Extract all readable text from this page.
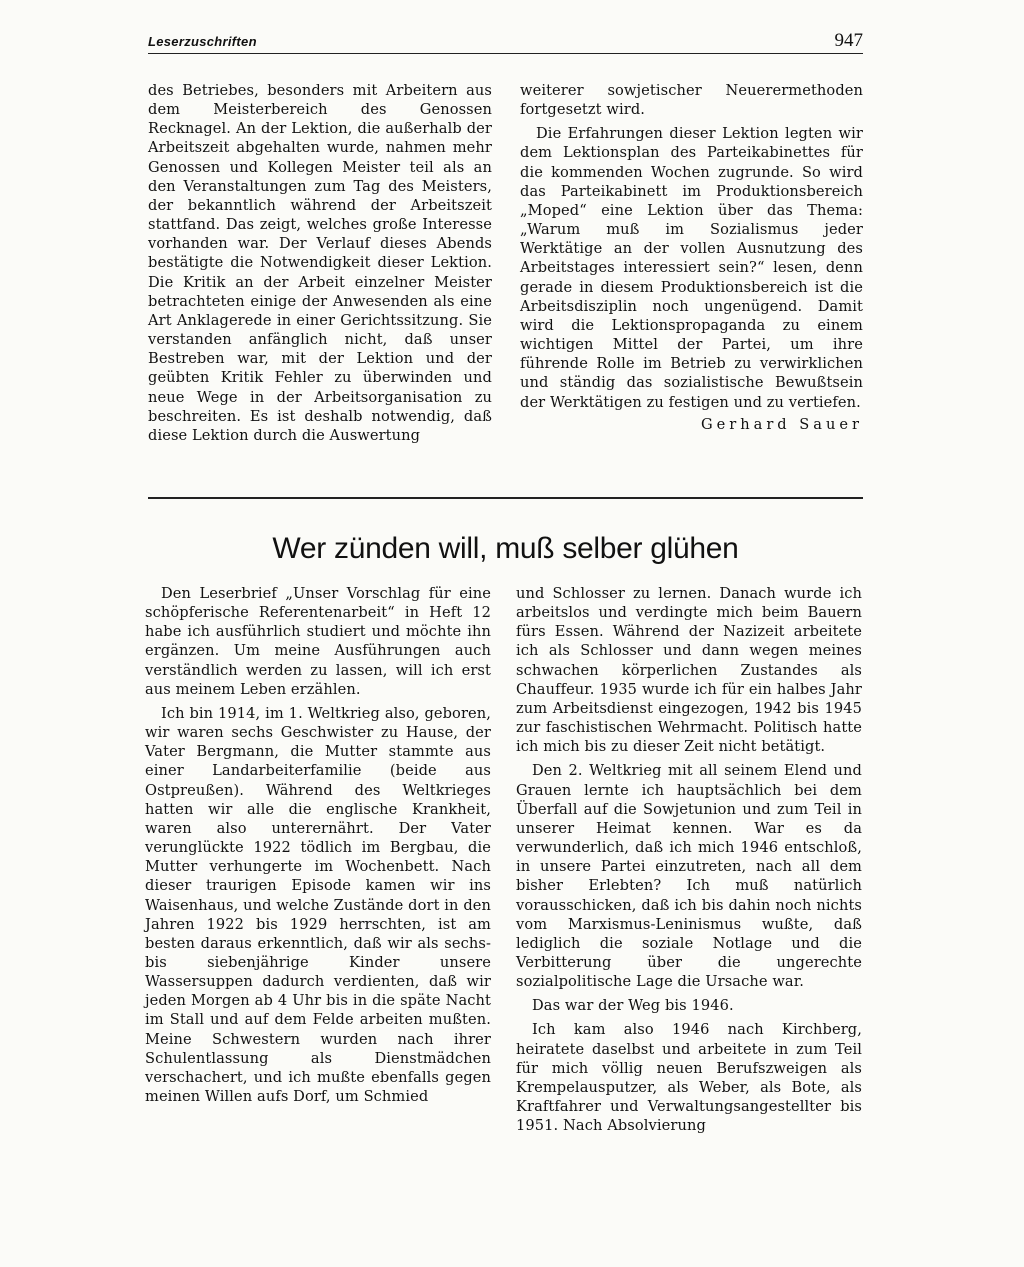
Leserzuschriften	947

des Betriebes, besonders mit Arbeitern aus dem Meisterbereich des Genossen Recknagel. An der Lektion, die außerhalb der Arbeitszeit abgehalten wurde, nahmen mehr Genossen und Kollegen Meister teil als an den Veranstaltungen zum Tag des Meisters, der bekanntlich während der Arbeitszeit stattfand. Das zeigt, welches große Interesse vorhanden war. Der Verlauf dieses Abends bestätigte die Notwendigkeit dieser Lektion. Die Kritik an der Arbeit einzelner Meister betrachteten einige der Anwesenden als eine Art Anklagerede in einer Gerichtssitzung. Sie verstanden anfänglich nicht, daß unser Bestreben war, mit der Lektion und der geübten Kritik Fehler zu überwinden und neue Wege in der Arbeitsorganisation zu beschreiten. Es ist deshalb notwendig, daß diese Lektion durch die Auswertung

weiterer sowjetischer Neuerermethoden fortgesetzt wird.

Die Erfahrungen dieser Lektion legten wir dem Lektionsplan des Parteikabinettes für die kommenden Wochen zugrunde. So wird das Parteikabinett im Produktionsbereich „Moped“ eine Lektion über das Thema: „Warum muß im Sozialismus jeder Werktätige an der vollen Ausnutzung des Arbeitstages interessiert sein?“ lesen, denn gerade in diesem Produktionsbereich ist die Arbeitsdisziplin noch ungenügend. Damit wird die Lektionspropaganda zu einem wichtigen Mittel der Partei, um ihre führende Rolle im Betrieb zu verwirklichen und ständig das sozialistische Bewußtsein der Werktätigen zu festigen und zu vertiefen.

Gerhard Sauer

Wer zünden will, muß selber glühen

Den Leserbrief „Unser Vorschlag für eine schöpferische Referentenarbeit“ in Heft 12 habe ich ausführlich studiert und möchte ihn ergänzen. Um meine Ausführungen auch verständlich werden zu lassen, will ich erst aus meinem Leben erzählen.

Ich bin 1914, im 1. Weltkrieg also, geboren, wir waren sechs Geschwister zu Hause, der Vater Bergmann, die Mutter stammte aus einer Landarbeiterfamilie (beide aus Ostpreußen). Während des Weltkrieges hatten wir alle die englische Krankheit, waren also unterernährt. Der Vater verunglückte 1922 tödlich im Bergbau, die Mutter verhungerte im Wochenbett. Nach dieser traurigen Episode kamen wir ins Waisenhaus, und welche Zustände dort in den Jahren 1922 bis 1929 herrschten, ist am besten daraus erkenntlich, daß wir als sechs- bis siebenjährige Kinder unsere Wassersuppen dadurch verdienten, daß wir jeden Morgen ab 4 Uhr bis in die späte Nacht im Stall und auf dem Felde arbeiten mußten. Meine Schwestern wurden nach ihrer Schulentlassung als Dienstmädchen verschachert, und ich mußte ebenfalls gegen meinen Willen aufs Dorf, um Schmied

und Schlosser zu lernen. Danach wurde ich arbeitslos und verdingte mich beim Bauern fürs Essen. Während der Nazizeit arbeitete ich als Schlosser und dann wegen meines schwachen körperlichen Zustandes als Chauffeur. 1935 wurde ich für ein halbes Jahr zum Arbeitsdienst eingezogen, 1942 bis 1945 zur faschistischen Wehrmacht. Politisch hatte ich mich bis zu dieser Zeit nicht betätigt.

Den 2. Weltkrieg mit all seinem Elend und Grauen lernte ich hauptsächlich bei dem Überfall auf die Sowjetunion und zum Teil in unserer Heimat kennen. War es da verwunderlich, daß ich mich 1946 entschloß, in unsere Partei einzutreten, nach all dem bisher Erlebten? Ich muß natürlich vorausschicken, daß ich bis dahin noch nichts vom Marxismus-Leninismus wußte, daß lediglich die soziale Notlage und die Verbitterung über die ungerechte sozialpolitische Lage die Ursache war.

Das war der Weg bis 1946.

Ich kam also 1946 nach Kirchberg, heiratete daselbst und arbeitete in zum Teil für mich völlig neuen Berufszweigen als Krempelausputzer, als Weber, als Bote, als Kraftfahrer und Verwaltungsangestellter bis 1951. Nach Absolvierung
